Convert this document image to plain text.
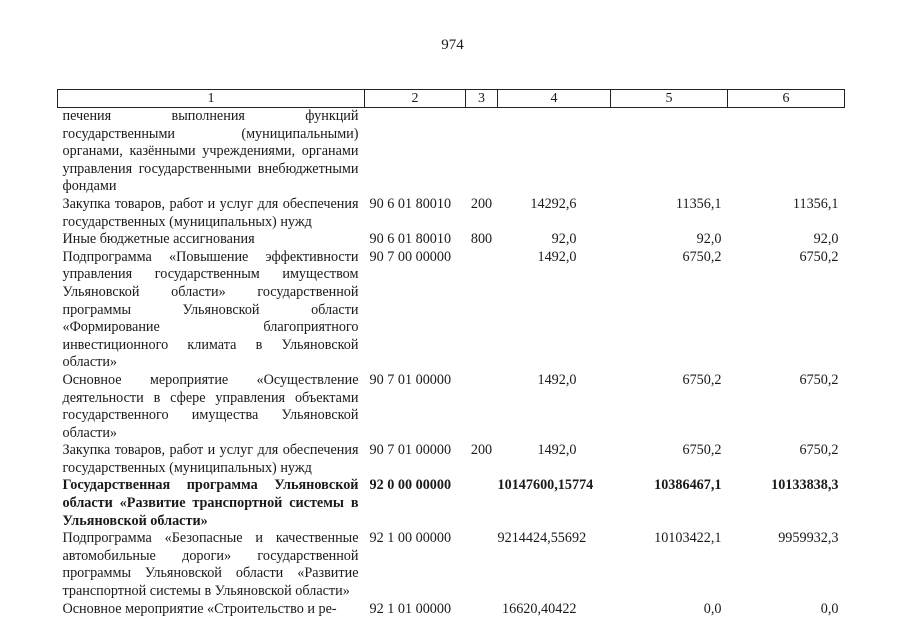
974
1	2	3	4	5	6
печения выполнения функций государственными (муниципальными) органами, казёнными учреждениями, органами управления государственными внебюджетными фондами					
Закупка товаров, работ и услуг для обеспечения государственных (муниципальных) нужд	90 6 01 80010	200	14292,6	11356,1	11356,1
Иные бюджетные ассигнования	90 6 01 80010	800	92,0	92,0	92,0
Подпрограмма «Повышение эффективности управления государственным имуществом Ульяновской области» государственной программы Ульяновской области «Формирование благоприятного инвестиционного климата в Ульяновской области»	90 7 00 00000		1492,0	6750,2	6750,2
Основное мероприятие «Осуществление деятельности в сфере управления объектами государственного имущества Ульяновской области»	90 7 01 00000		1492,0	6750,2	6750,2
Закупка товаров, работ и услуг для обеспечения государственных (муниципальных) нужд	90 7 01 00000	200	1492,0	6750,2	6750,2
Государственная программа Ульяновской области «Развитие транспортной системы в Ульяновской области»	92 0 00 00000		10147600,15774	10386467,1	10133838,3
Подпрограмма «Безопасные и качественные автомобильные дороги» государственной программы Ульяновской области «Развитие транспортной системы в Ульяновской области»	92 1 00 00000		9214424,55692	10103422,1	9959932,3
Основное мероприятие «Строительство и ре-	92 1 01 00000		16620,40422	0,0	0,0
